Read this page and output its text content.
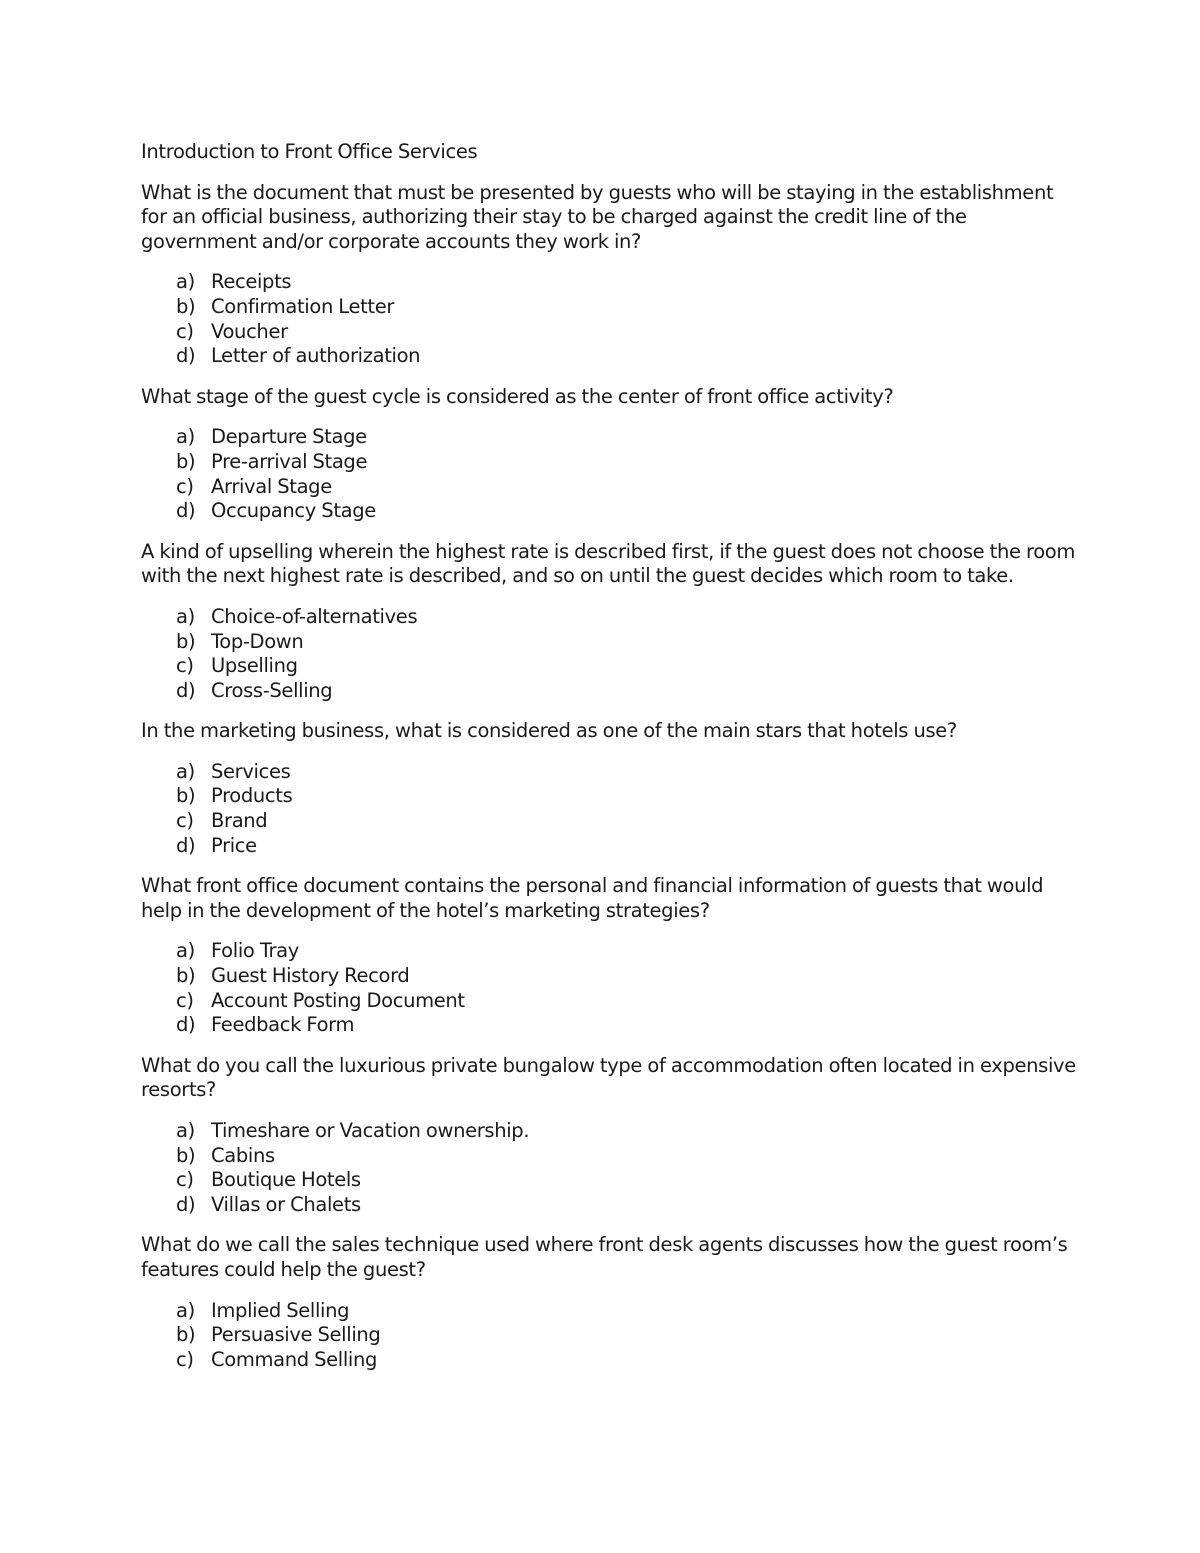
Introduction to Front Office Services

What is the document that must be presented by guests who will be staying in the establishment for an official business, authorizing their stay to be charged against the credit line of the government and/or corporate accounts they work in?

a) Receipts
b) Confirmation Letter
c) Voucher
d) Letter of authorization

What stage of the guest cycle is considered as the center of front office activity?

a) Departure Stage
b) Pre-arrival Stage
c) Arrival Stage
d) Occupancy Stage

A kind of upselling wherein the highest rate is described first, if the guest does not choose the room with the next highest rate is described, and so on until the guest decides which room to take.

a) Choice-of-alternatives
b) Top-Down
c) Upselling
d) Cross-Selling

In the marketing business, what is considered as one of the main stars that hotels use?

a) Services
b) Products
c) Brand
d) Price

What front office document contains the personal and financial information of guests that would help in the development of the hotel’s marketing strategies?

a) Folio Tray
b) Guest History Record
c) Account Posting Document
d) Feedback Form

What do you call the luxurious private bungalow type of accommodation often located in expensive resorts?

a) Timeshare or Vacation ownership.
b) Cabins
c) Boutique Hotels
d) Villas or Chalets

What do we call the sales technique used where front desk agents discusses how the guest room’s features could help the guest?

a) Implied Selling
b) Persuasive Selling
c) Command Selling
